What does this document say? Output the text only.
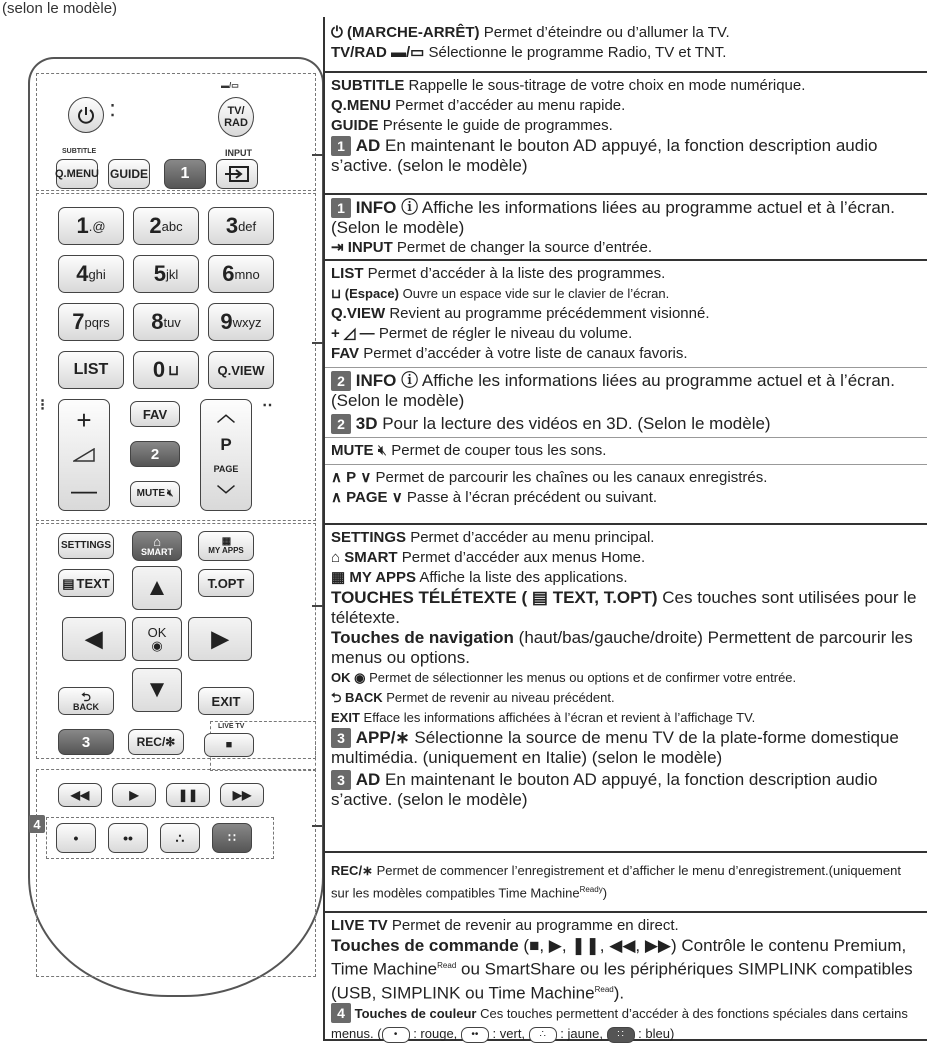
(selon le modèle)
⁚
▬/▭
TV/
RAD
SUBTITLE	INPUT
Q.MENU GUIDE	1
1 .@ 2 abc 3 def
4 ghi 5 jkl 6 mno
7 pqrs 8 tuv 9 wxyz
LIST	0 ⊔	Q.VIEW
⁝	‥
+
—
FAV
2
MUTE 🔇︎
︿
P
PAGE
﹀
SETTINGS	⌂
SMART
▦
MY APPS
▤ TEXT	T.OPT
▲
◀	OK
◉ ▶
▼
⮌
BACK	EXIT
3	REC/ ✻
LIVE TV
■
◀◀	▶	❚❚	▶▶
4
•	••	∴	∷
⏻ (MARCHE-ARRÊT) Permet d’éteindre ou d’allumer la TV.
TV/RAD ▬/▭ Sélectionne le programme Radio, TV et TNT.
SUBTITLE Rappelle le sous-titrage de votre choix en mode numérique.
Q.MENU Permet d’accéder au menu rapide.
GUIDE Présente le guide de programmes.
1 AD En maintenant le bouton AD appuyé, la fonction description audio s’active. (selon le modèle)
1 INFO ⓘ Affiche les informations liées au programme actuel et à l’écran. (Selon le modèle)
⇥ INPUT Permet de changer la source d’entrée.
LIST Permet d’accéder à la liste des programmes.
⊔ (Espace) Ouvre un espace vide sur le clavier de l’écran.
Q.VIEW Revient au programme précédemment visionné.
+ ◿ — Permet de régler le niveau du volume.
FAV Permet d’accéder à votre liste de canaux favoris.
2 INFO ⓘ Affiche les informations liées au programme actuel et à l’écran. (Selon le modèle)
2 3D Pour la lecture des vidéos en 3D. (Selon le modèle)
MUTE 🔇︎ Permet de couper tous les sons.
∧ P ∨ Permet de parcourir les chaînes ou les canaux enregistrés.
∧ PAGE ∨ Passe à l’écran précédent ou suivant.
SETTINGS Permet d’accéder au menu principal.
⌂ SMART Permet d’accéder aux menus Home.
▦ MY APPS Affiche la liste des applications.
TOUCHES TÉLÉTEXTE ( ▤ TEXT, T.OPT) Ces touches sont utilisées pour le télétexte.
Touches de navigation (haut/bas/gauche/droite) Permettent de parcourir les menus ou options.
OK ◉ Permet de sélectionner les menus ou options et de confirmer votre entrée.
⮌ BACK Permet de revenir au niveau précédent.
EXIT Efface les informations affichées à l’écran et revient à l’affichage TV.
3 APP/∗ Sélectionne la source de menu TV de la plate-forme domestique multimédia. (uniquement en Italie) (selon le modèle)
3 AD En maintenant le bouton AD appuyé, la fonction description audio s’active. (selon le modèle)
REC/∗ Permet de commencer l’enregistrement et d’afficher le menu d’enregistrement.(uniquement sur les modèles compatibles Time Machine$^{Ready}$)
LIVE TV Permet de revenir au programme en direct.
Touches de commande (■, ▶, ❚❚, ◀◀, ▶▶) Contrôle le contenu Premium, Time Machine$^{Read}$ ou SmartShare ou les périphériques SIMPLINK compatibles (USB, SIMPLINK ou Time Machine$^{Read}$).
4 Touches de couleur Ces touches permettent d’accéder à des fonctions spéciales dans certains menus. ( • : rouge, •• : vert, ∴ : jaune, ∷ : bleu)
